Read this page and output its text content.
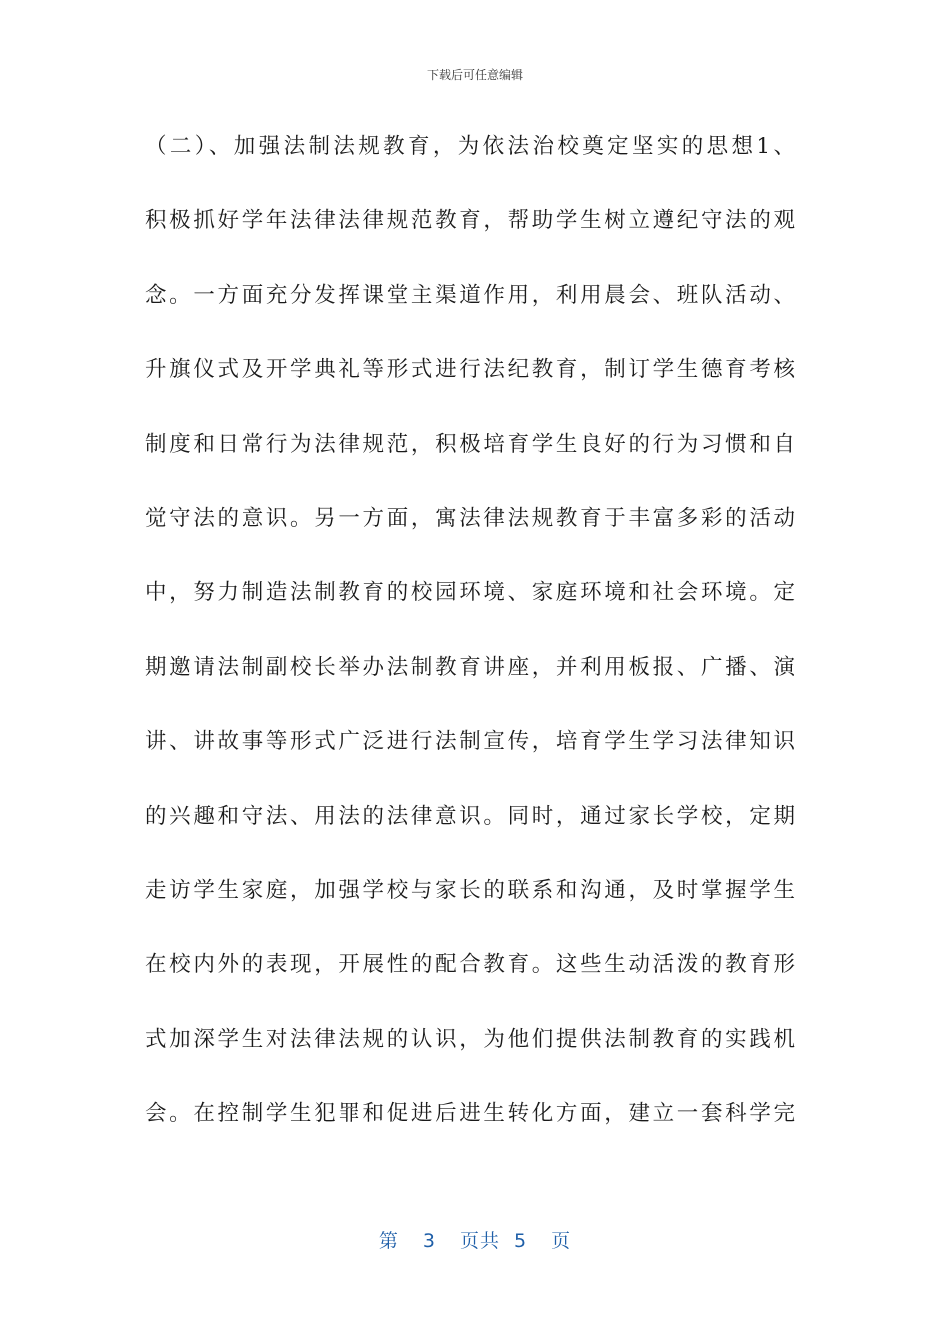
下载后可任意编辑
（二）、加强法制法规教育，为依法治校奠定坚实的思想1、
积极抓好学年法律法律规范教育，帮助学生树立遵纪守法的观
念。一方面充分发挥课堂主渠道作用，利用晨会、班队活动、
升旗仪式及开学典礼等形式进行法纪教育，制订学生德育考核
制度和日常行为法律规范，积极培育学生良好的行为习惯和自
觉守法的意识。另一方面，寓法律法规教育于丰富多彩的活动
中，努力制造法制教育的校园环境、家庭环境和社会环境。定
期邀请法制副校长举办法制教育讲座，并利用板报、广播、演
讲、讲故事等形式广泛进行法制宣传，培育学生学习法律知识
的兴趣和守法、用法的法律意识。同时，通过家长学校，定期
走访学生家庭，加强学校与家长的联系和沟通，及时掌握学生
在校内外的表现，开展性的配合教育。这些生动活泼的教育形
式加深学生对法律法规的认识，为他们提供法制教育的实践机
会。在控制学生犯罪和促进后进生转化方面，建立一套科学完
第 3 页共 5 页
